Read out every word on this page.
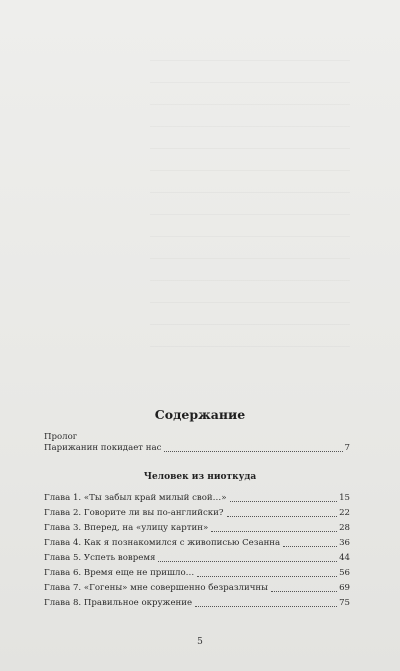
Содержание
Пролог
Парижанин покидает нас	7
Человек из ниоткуда
Глава 1. «Ты забыл край милый свой…»	15
Глава 2. Говорите ли вы по-английски?	22
Глава 3. Вперед, на «улицу картин»	28
Глава 4. Как я познакомился с живописью Сезанна	36
Глава 5. Успеть вовремя	44
Глава 6. Время еще не пришло…	56
Глава 7. «Гогены» мне совершенно безразличны	69
Глава 8. Правильное окружение	75
5
